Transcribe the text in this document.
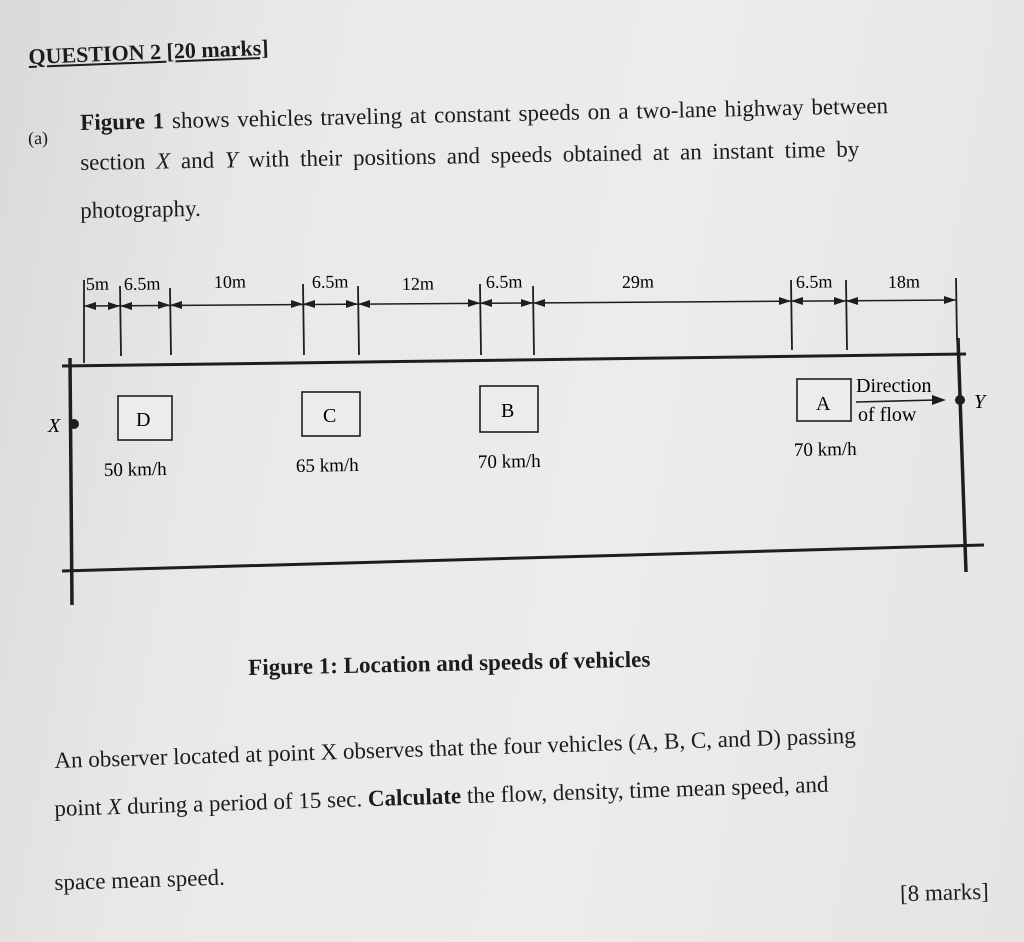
QUESTION 2 [20 marks]
(a)
Figure 1 shows vehicles traveling at constant speeds on a two-lane highway between
section X and Y with their positions and speeds obtained at an instant time by
photography.
5m 6.5m	10m	6.5m	12m	6.5m	29m	6.5m	18m
D	C	B	A
50 km/h	65 km/h	70 km/h
70 km/h
Direction
of flow
X
Y
Figure 1: Location and speeds of vehicles
An observer located at point X observes that the four vehicles (A, B, C, and D) passing
point X during a period of 15 sec. Calculate the flow, density, time mean speed, and
space mean speed.	[8 marks]
